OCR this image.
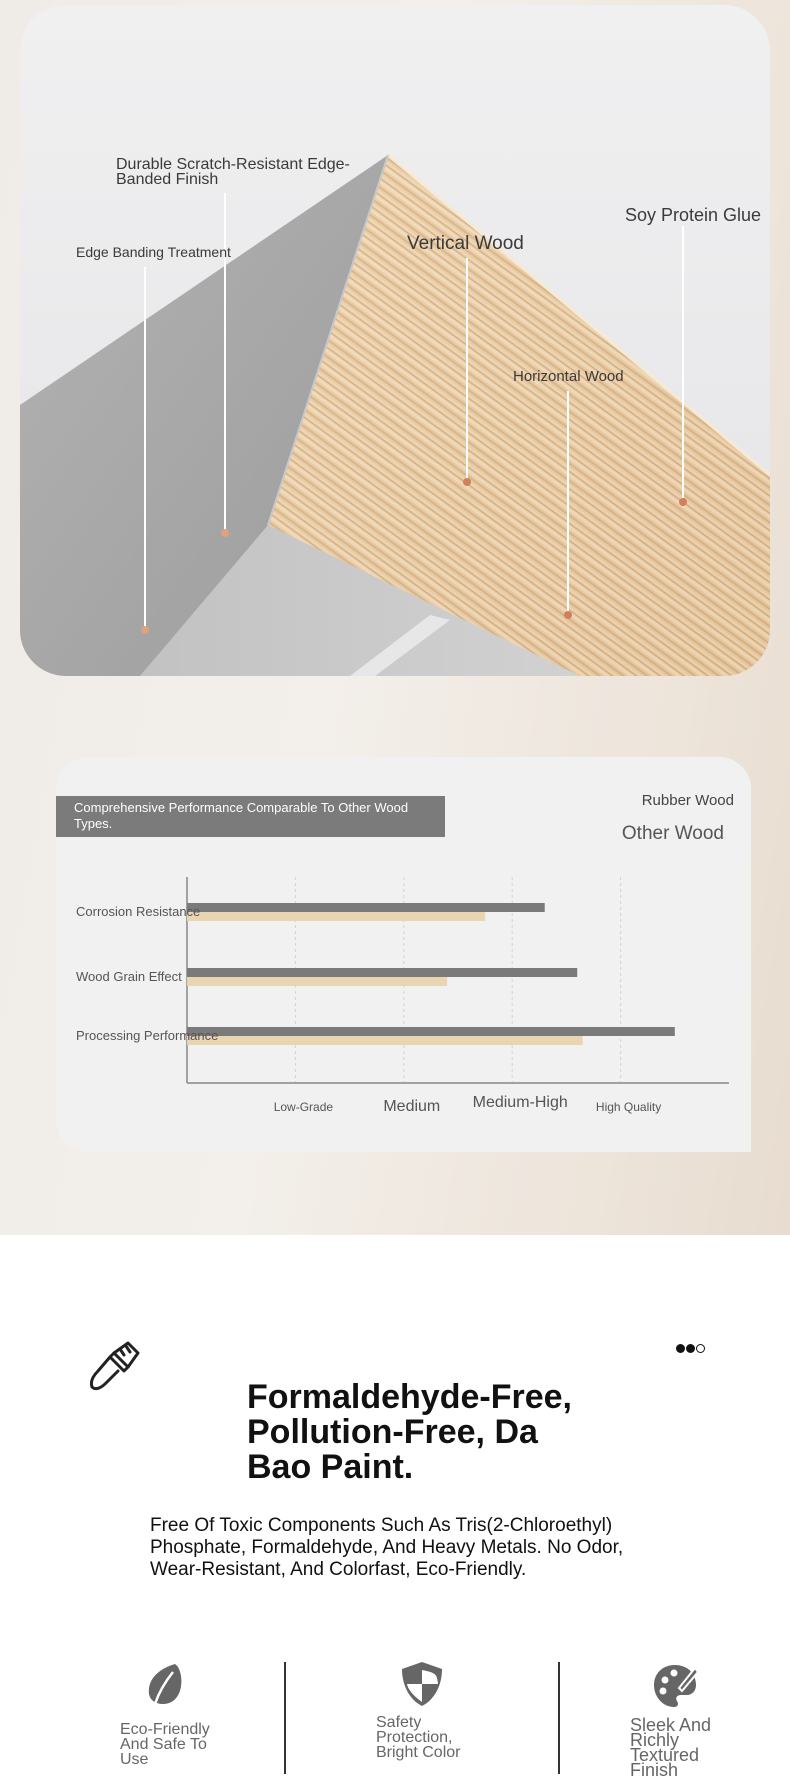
Durable Scratch-Resistant Edge-Banded Finish
Edge Banding Treatment	Vertical Wood
Soy Protein Glue
Horizontal Wood
Comprehensive Performance Comparable To Other Wood Types.
Rubber Wood
Other Wood
Corrosion Resistance
Wood Grain Effect
Processing Performance
Low-Grade	Medium Medium-High High Quality
Formaldehyde-Free, Pollution-Free, Da Bao Paint.

Free Of Toxic Components Such As Tris(2-Chloroethyl) Phosphate, Formaldehyde, And Heavy Metals. No Odor, Wear-Resistant, And Colorfast, Eco-Friendly.

Eco-Friendly And Safe To Use
Safety Protection, Bright Color
Sleek And Richly Textured Finish
